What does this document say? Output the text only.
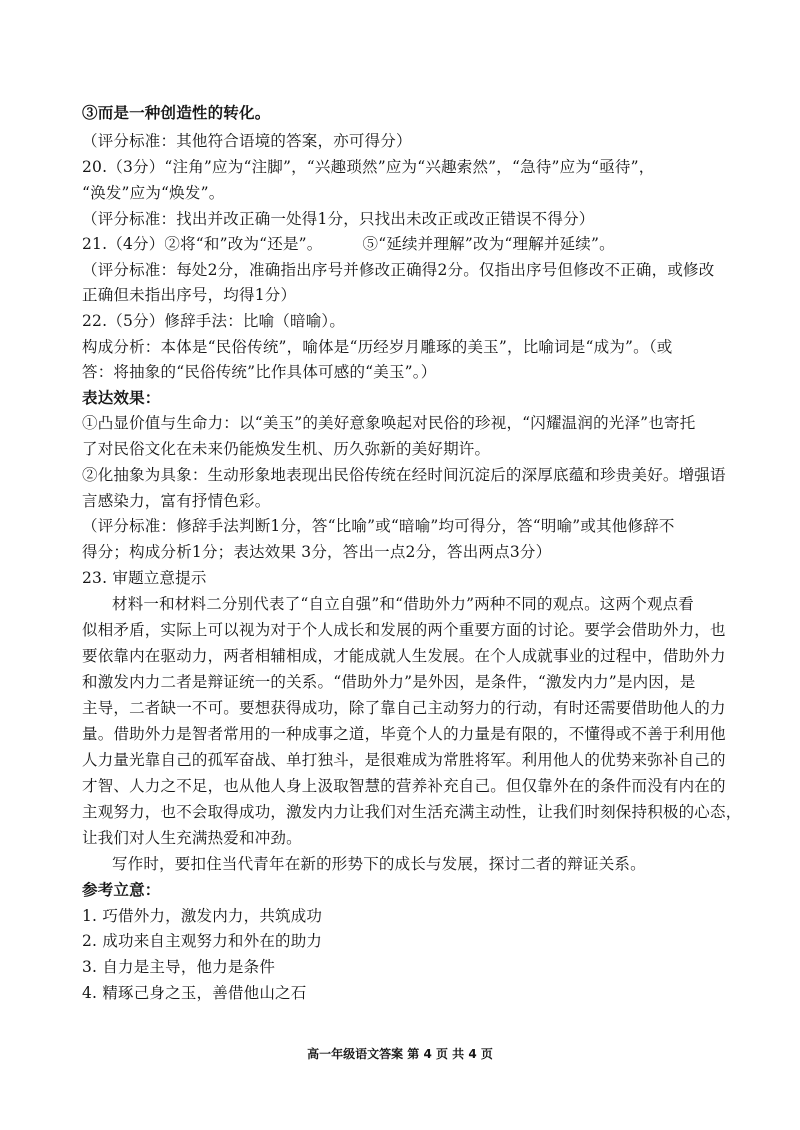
③而是一种创造性的转化。
（评分标准：其他符合语境的答案，亦可得分）
20.（3分）“注角”应为“注脚”，“兴趣琐然”应为“兴趣索然”，“急待”应为“亟待”，
“涣发”应为“焕发”。
（评分标准：找出并改正确一处得1分，只找出未改正或改正错误不得分）
21.（4分）②将“和”改为“还是”。	⑤“延续并理解”改为“理解并延续”。
（评分标准：每处2分，准确指出序号并修改正确得2分。仅指出序号但修改不正确，或修改
正确但未指出序号，均得1分）
22.（5分）修辞手法：比喻（暗喻）。
构成分析：本体是“民俗传统”，喻体是“历经岁月雕琢的美玉”，比喻词是“成为”。（或
答：将抽象的“民俗传统”比作具体可感的“美玉”。）
表达效果：
①凸显价值与生命力：以“美玉”的美好意象唤起对民俗的珍视，“闪耀温润的光泽”也寄托
了对民俗文化在未来仍能焕发生机、历久弥新的美好期许。
②化抽象为具象：生动形象地表现出民俗传统在经时间沉淀后的深厚底蕴和珍贵美好。增强语
言感染力，富有抒情色彩。
（评分标准：修辞手法判断1分，答“比喻”或“暗喻”均可得分，答“明喻”或其他修辞不
得分；构成分析1分；表达效果 3分，答出一点2分，答出两点3分）
23. 审题立意提示
材料一和材料二分别代表了“自立自强”和“借助外力”两种不同的观点。这两个观点看
似相矛盾，实际上可以视为对于个人成长和发展的两个重要方面的讨论。要学会借助外力，也
要依靠内在驱动力，两者相辅相成，才能成就人生发展。在个人成就事业的过程中，借助外力
和激发内力二者是辩证统一的关系。“借助外力”是外因，是条件，“激发内力”是内因，是
主导，二者缺一不可。要想获得成功，除了靠自己主动努力的行动，有时还需要借助他人的力
量。借助外力是智者常用的一种成事之道，毕竟个人的力量是有限的，不懂得或不善于利用他
人力量光靠自己的孤军奋战、单打独斗，是很难成为常胜将军。利用他人的优势来弥补自己的
才智、人力之不足，也从他人身上汲取智慧的营养补充自己。但仅靠外在的条件而没有内在的
主观努力，也不会取得成功，激发内力让我们对生活充满主动性，让我们时刻保持积极的心态，
让我们对人生充满热爱和冲劲。
写作时，要扣住当代青年在新的形势下的成长与发展，探讨二者的辩证关系。
参考立意：
1. 巧借外力，激发内力，共筑成功
2. 成功来自主观努力和外在的助力
3. 自力是主导，他力是条件
4. 精琢己身之玉，善借他山之石
高一年级语文答案 第 4 页 共 4 页
